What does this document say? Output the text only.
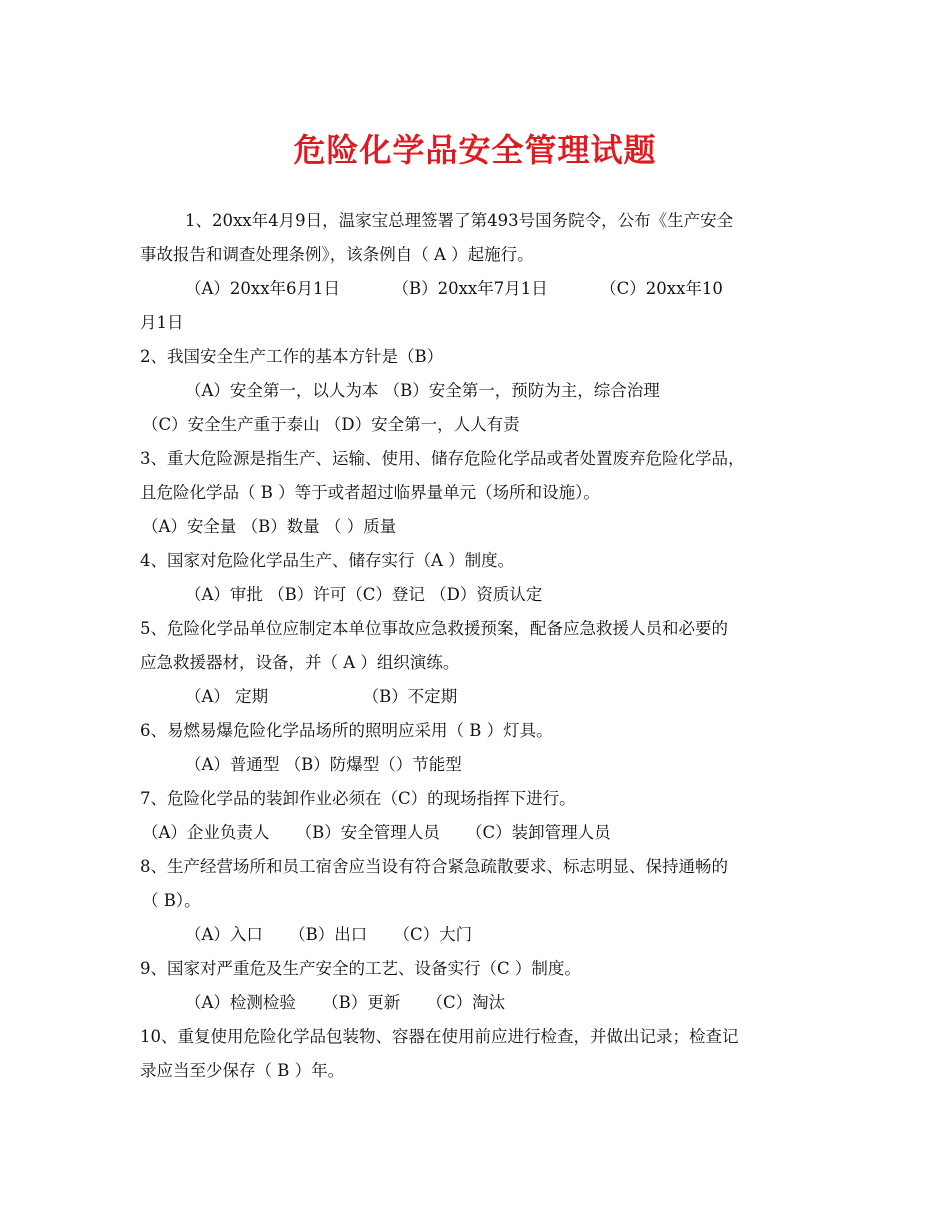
危险化学品安全管理试题
1、20xx年4月9日，温家宝总理签署了第493号国务院令，公布《生产安全
事故报告和调查处理条例》，该条例自（ A ）起施行。
（A）20xx年6月1日          （B）20xx年7月1日          （C）20xx年10
月1日
2、我国安全生产工作的基本方针是（B）
（A）安全第一，以人为本 （B）安全第一，预防为主，综合治理
（C）安全生产重于泰山 （D）安全第一，人人有责
3、重大危险源是指生产、运输、使用、储存危险化学品或者处置废弃危险化学品，
且危险化学品（ B ）等于或者超过临界量单元（场所和设施）。
（A）安全量 （B）数量 （ ）质量
4、国家对危险化学品生产、储存实行（A ）制度。
（A）审批 （B）许可（C）登记 （D）资质认定
5、危险化学品单位应制定本单位事故应急救援预案，配备应急救援人员和必要的
应急救援器材，设备，并（ A ）组织演练。
（A） 定期                  （B）不定期
6、易燃易爆危险化学品场所的照明应采用（ B ）灯具。
（A）普通型 （B）防爆型（）节能型
7、危险化学品的装卸作业必须在（C）的现场指挥下进行。
（A）企业负责人     （B）安全管理人员     （C）装卸管理人员
8、生产经营场所和员工宿舍应当设有符合紧急疏散要求、标志明显、保持通畅的
（ B）。
（A）入口     （B）出口     （C）大门
9、国家对严重危及生产安全的工艺、设备实行（C ）制度。
（A）检测检验     （B）更新     （C）淘汰
10、重复使用危险化学品包装物、容器在使用前应进行检查，并做出记录；检查记
录应当至少保存（ B ）年。
